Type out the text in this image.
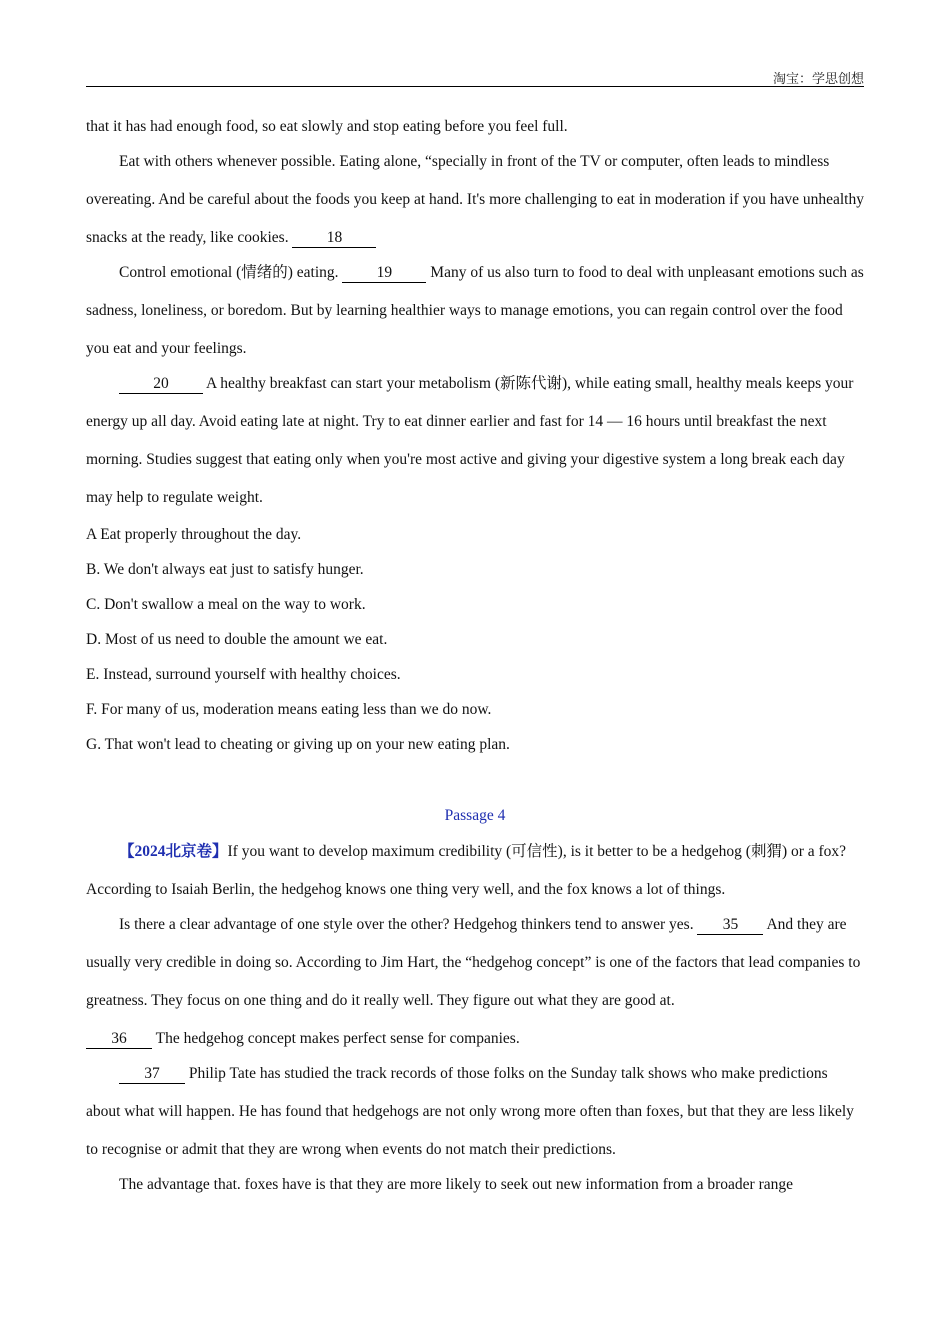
淘宝：学思创想

that it has had enough food, so eat slowly and stop eating before you feel full.

Eat with others whenever possible. Eating alone, “specially in front of the TV or computer, often leads to mindless overeating. And be careful about the foods you keep at hand. It's more challenging to eat in moderation if you have unhealthy snacks at the ready, like cookies. 18

Control emotional (情绪的) eating. 19 Many of us also turn to food to deal with unpleasant emotions such as sadness, loneliness, or boredom. But by learning healthier ways to manage emotions, you can regain control over the food you eat and your feelings.

20 A healthy breakfast can start your metabolism (新陈代谢), while eating small, healthy meals keeps your energy up all day. Avoid eating late at night. Try to eat dinner earlier and fast for 14 — 16 hours until breakfast the next morning. Studies suggest that eating only when you're most active and giving your digestive system a long break each day may help to regulate weight.

A Eat properly throughout the day.

B. We don't always eat just to satisfy hunger.

C. Don't swallow a meal on the way to work.

D. Most of us need to double the amount we eat.

E. Instead, surround yourself with healthy choices.

F. For many of us, moderation means eating less than we do now.

G. That won't lead to cheating or giving up on your new eating plan.

Passage 4

【2024北京卷】If you want to develop maximum credibility (可信性), is it better to be a hedgehog (刺猬) or a fox? According to Isaiah Berlin, the hedgehog knows one thing very well, and the fox knows a lot of things.

Is there a clear advantage of one style over the other? Hedgehog thinkers tend to answer yes. 35 And they are usually very credible in doing so. According to Jim Hart, the “hedgehog concept” is one of the factors that lead companies to greatness. They focus on one thing and do it really well. They figure out what they are good at.
36 The hedgehog concept makes perfect sense for companies.

37 Philip Tate has studied the track records of those folks on the Sunday talk shows who make predictions about what will happen. He has found that hedgehogs are not only wrong more often than foxes, but that they are less likely to recognise or admit that they are wrong when events do not match their predictions.

The advantage that. foxes have is that they are more likely to seek out new information from a broader range
